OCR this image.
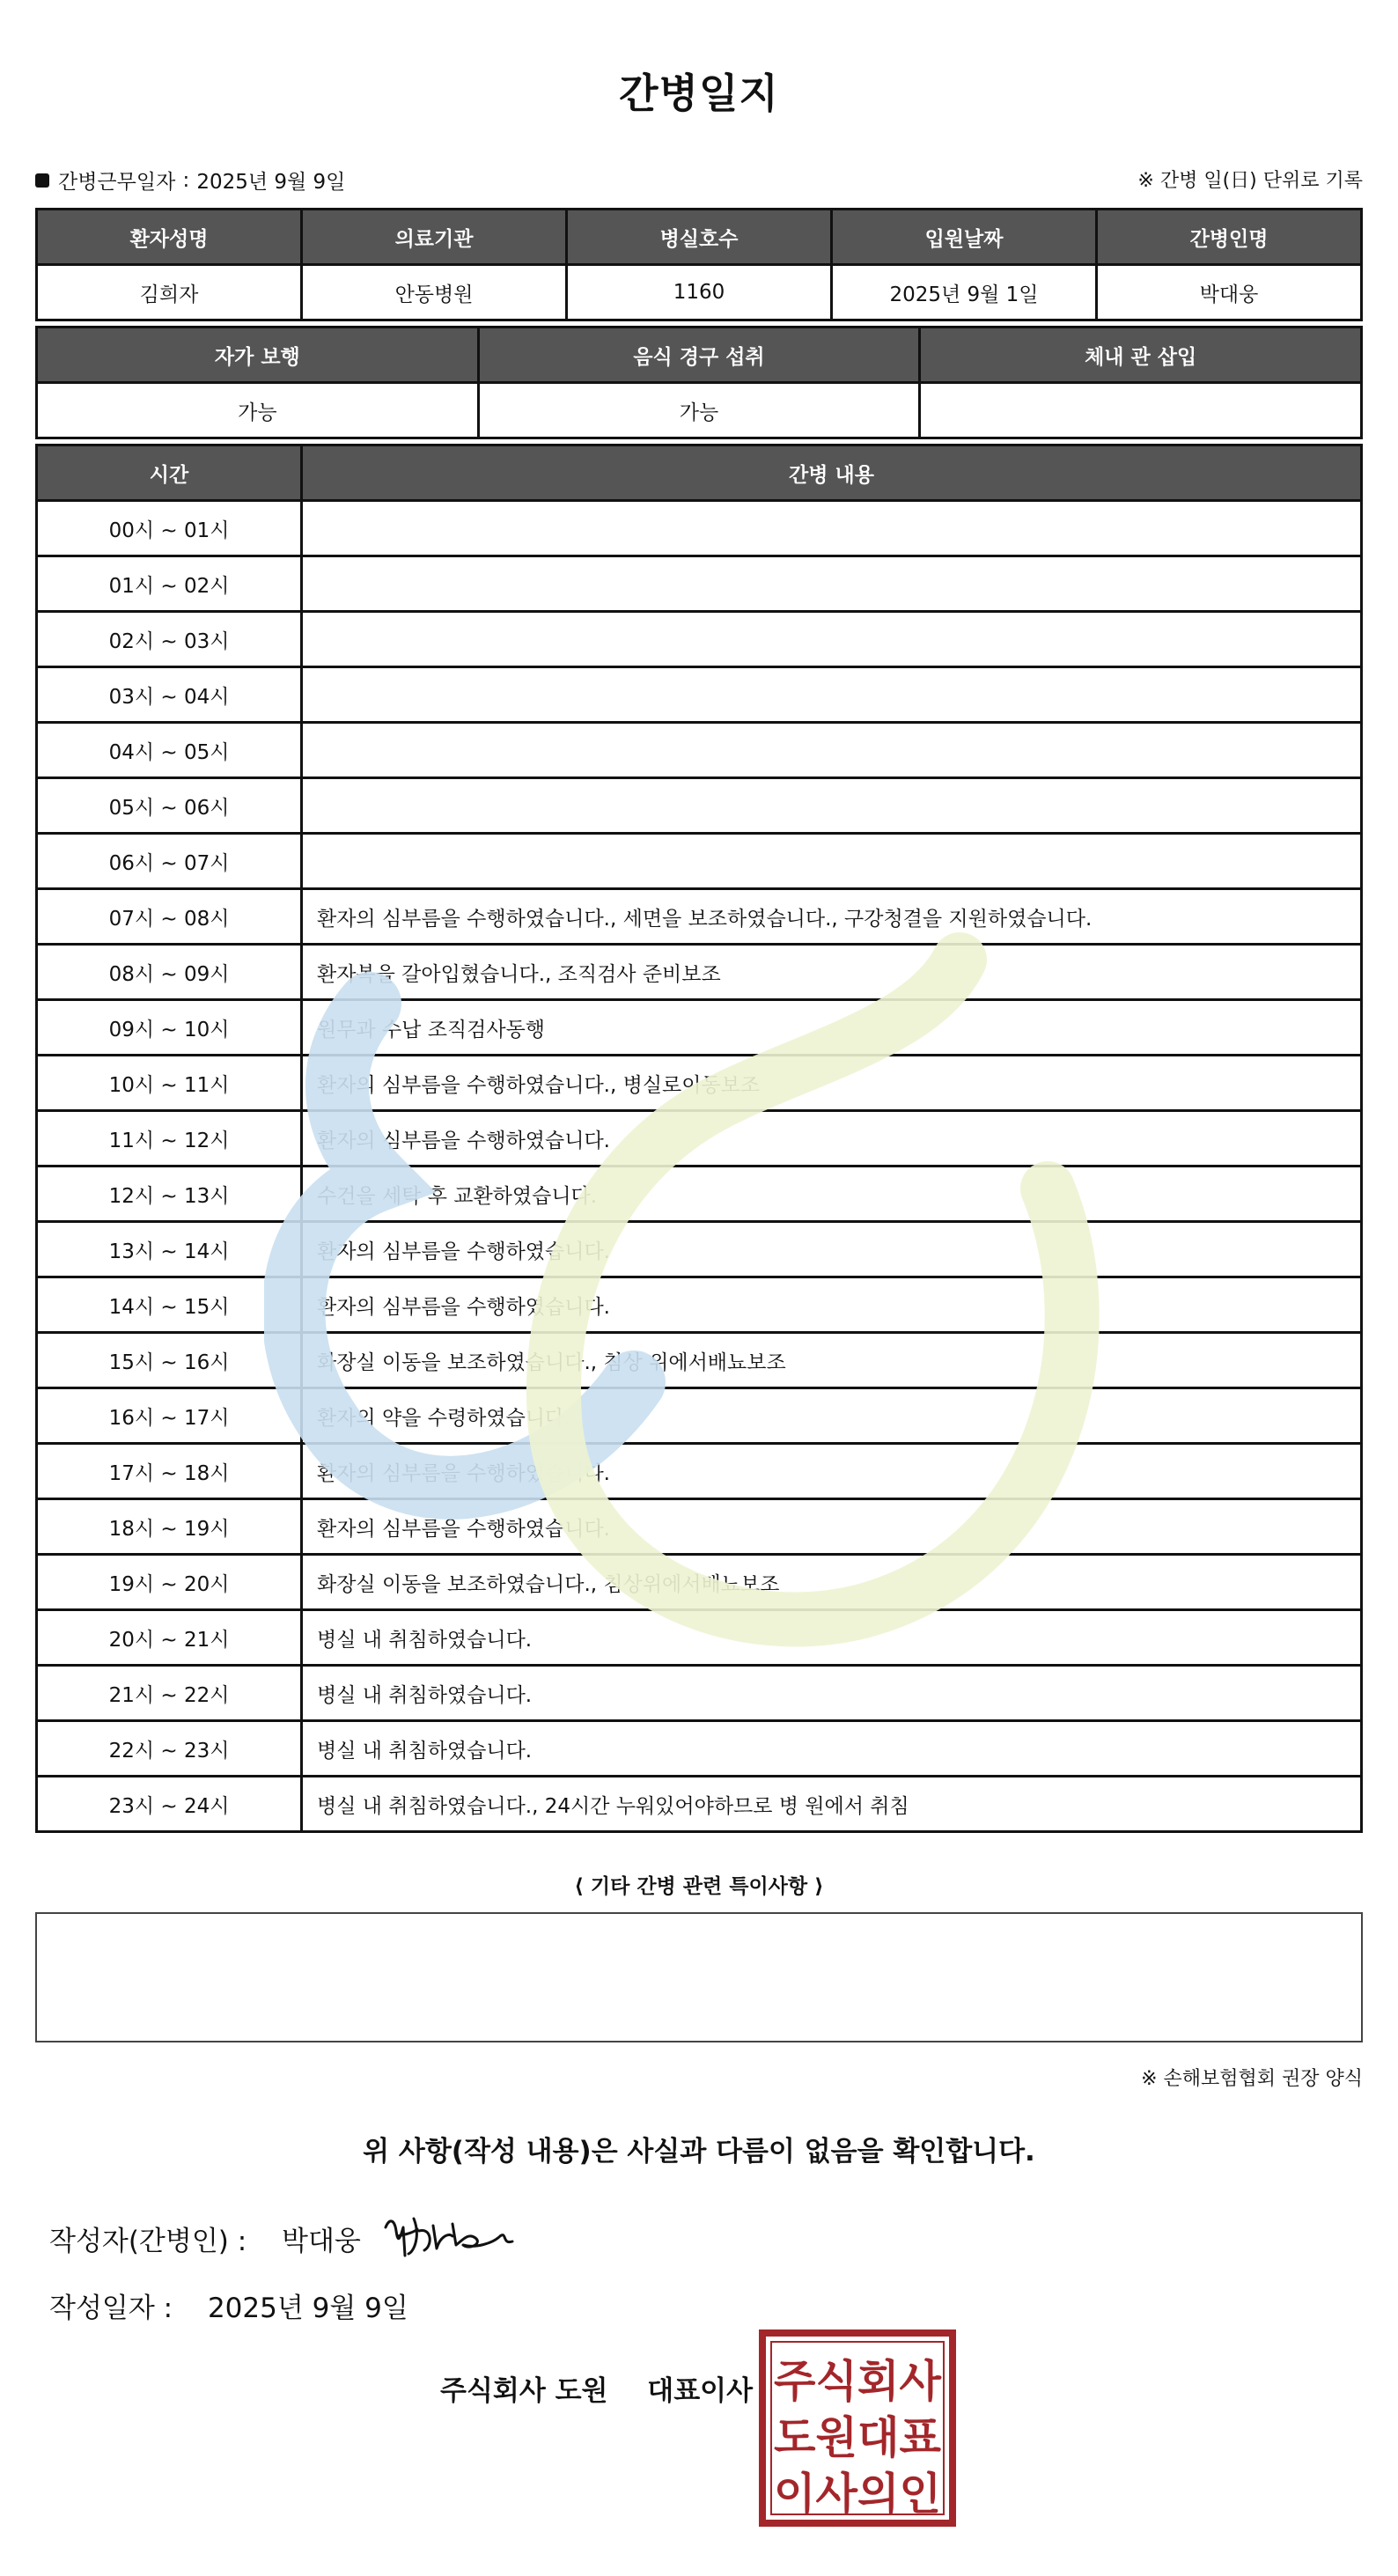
간병일지
간병근무일자 : 2025년 9월 9일	※ 간병 일(日) 단위로 기록
환자성명	의료기관	병실호수	입원날짜	간병인명
김희자	안동병원	1160	2025년 9월 1일	박대웅
자가 보행	음식 경구 섭취	체내 관 삽입
가능	가능	
시간	간병 내용
00시 ~ 01시	
01시 ~ 02시	
02시 ~ 03시	
03시 ~ 04시	
04시 ~ 05시	
05시 ~ 06시	
06시 ~ 07시	
07시 ~ 08시	환자의 심부름을 수행하였습니다., 세면을 보조하였습니다., 구강청결을 지원하였습니다.
08시 ~ 09시	환자복을 갈아입혔습니다., 조직검사 준비보조
09시 ~ 10시	원무과 수납 조직검사동행
10시 ~ 11시	환자의 심부름을 수행하였습니다., 병실로이동보조
11시 ~ 12시	환자의 심부름을 수행하였습니다.
12시 ~ 13시	수건을 세탁 후 교환하였습니다.
13시 ~ 14시	환자의 심부름을 수행하였습니다.
14시 ~ 15시	환자의 심부름을 수행하였습니다.
15시 ~ 16시	화장실 이동을 보조하였습니다., 침상 위에서배뇨보조
16시 ~ 17시	환자의 약을 수령하였습니다.
17시 ~ 18시	환자의 심부름을 수행하였습니다.
18시 ~ 19시	환자의 심부름을 수행하였습니다.
19시 ~ 20시	화장실 이동을 보조하였습니다., 침상위에서배뇨보조
20시 ~ 21시	병실 내 취침하였습니다.
21시 ~ 22시	병실 내 취침하였습니다.
22시 ~ 23시	병실 내 취침하였습니다.
23시 ~ 24시	병실 내 취침하였습니다., 24시간 누워있어야하므로 병 원에서 취침
⟨ 기타 간병 관련 특이사항 ⟩
※ 손해보험협회 권장 양식
위 사항(작성 내용)은 사실과 다름이 없음을 확인합니다.
작성자(간병인) : 박대웅
작성일자 : 2025년 9월 9일
주식회사 도원 대표이사 주식회사
도원대표
이사의인
